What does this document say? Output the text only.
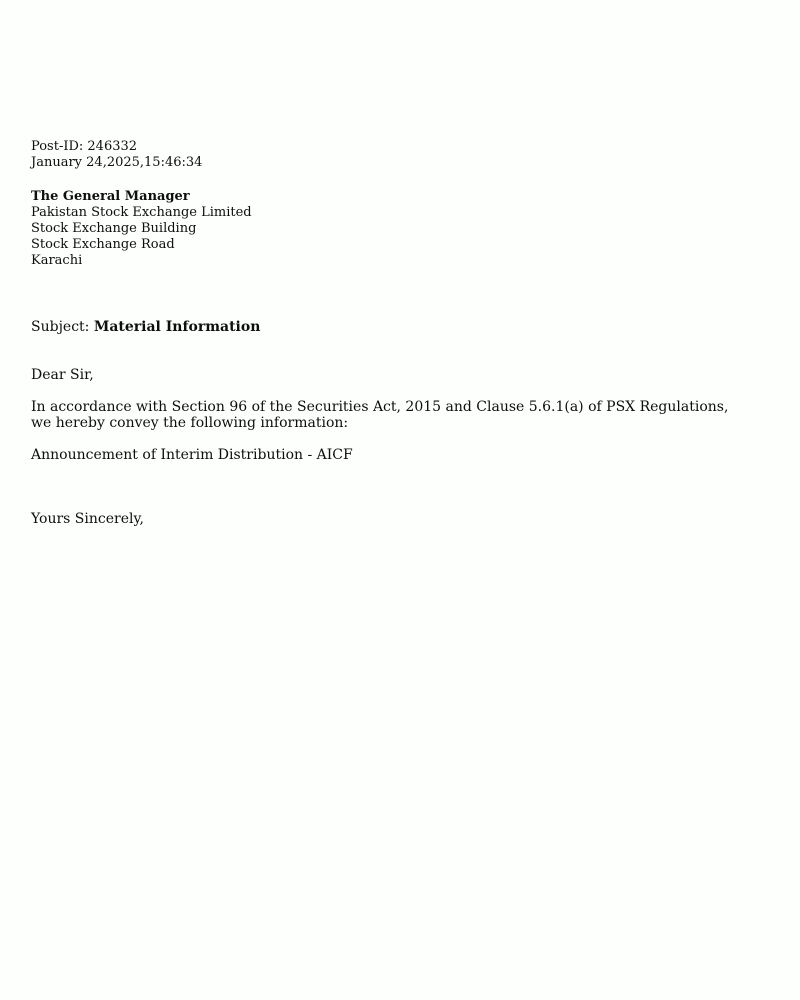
Post-ID: 246332
January 24,2025,15:46:34
The General Manager
Pakistan Stock Exchange Limited
Stock Exchange Building
Stock Exchange Road
Karachi
Subject: Material Information
Dear Sir,
In accordance with Section 96 of the Securities Act, 2015 and Clause 5.6.1(a) of PSX Regulations,
we hereby convey the following information:
Announcement of Interim Distribution - AICF
Yours Sincerely,
